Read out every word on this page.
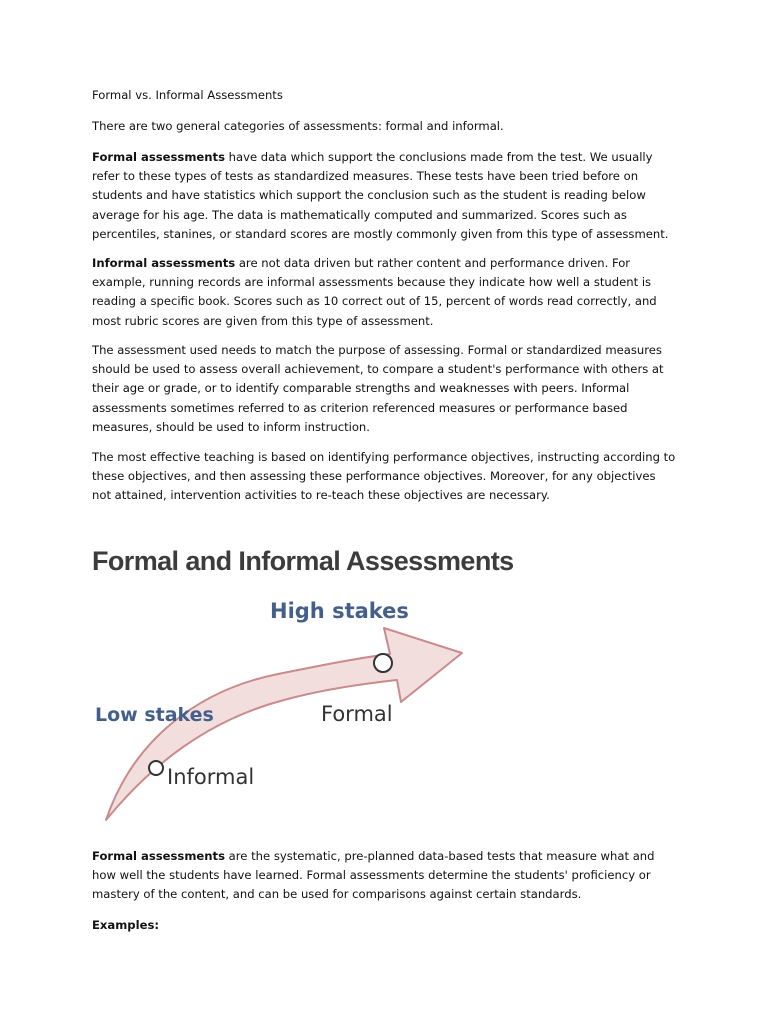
Formal vs. Informal Assessments

There are two general categories of assessments: formal and informal.

Formal assessments have data which support the conclusions made from the test. We usually refer to these types of tests as standardized measures. These tests have been tried before on students and have statistics which support the conclusion such as the student is reading below average for his age. The data is mathematically computed and summarized. Scores such as percentiles, stanines, or standard scores are mostly commonly given from this type of assessment.

Informal assessments are not data driven but rather content and performance driven. For example, running records are informal assessments because they indicate how well a student is reading a specific book. Scores such as 10 correct out of 15, percent of words read correctly, and most rubric scores are given from this type of assessment.

The assessment used needs to match the purpose of assessing. Formal or standardized measures should be used to assess overall achievement, to compare a student's performance with others at their age or grade, or to identify comparable strengths and weaknesses with peers. Informal assessments sometimes referred to as criterion referenced measures or performance based measures, should be used to inform instruction.

The most effective teaching is based on identifying performance objectives, instructing according to these objectives, and then assessing these performance objectives. Moreover, for any objectives not attained, intervention activities to re-teach these objectives are necessary.

Formal and Informal Assessments
High stakes
Low stakes	Formal
Informal

Formal assessments are the systematic, pre-planned data-based tests that measure what and how well the students have learned. Formal assessments determine the students' proficiency or mastery of the content, and can be used for comparisons against certain standards.

Examples:
